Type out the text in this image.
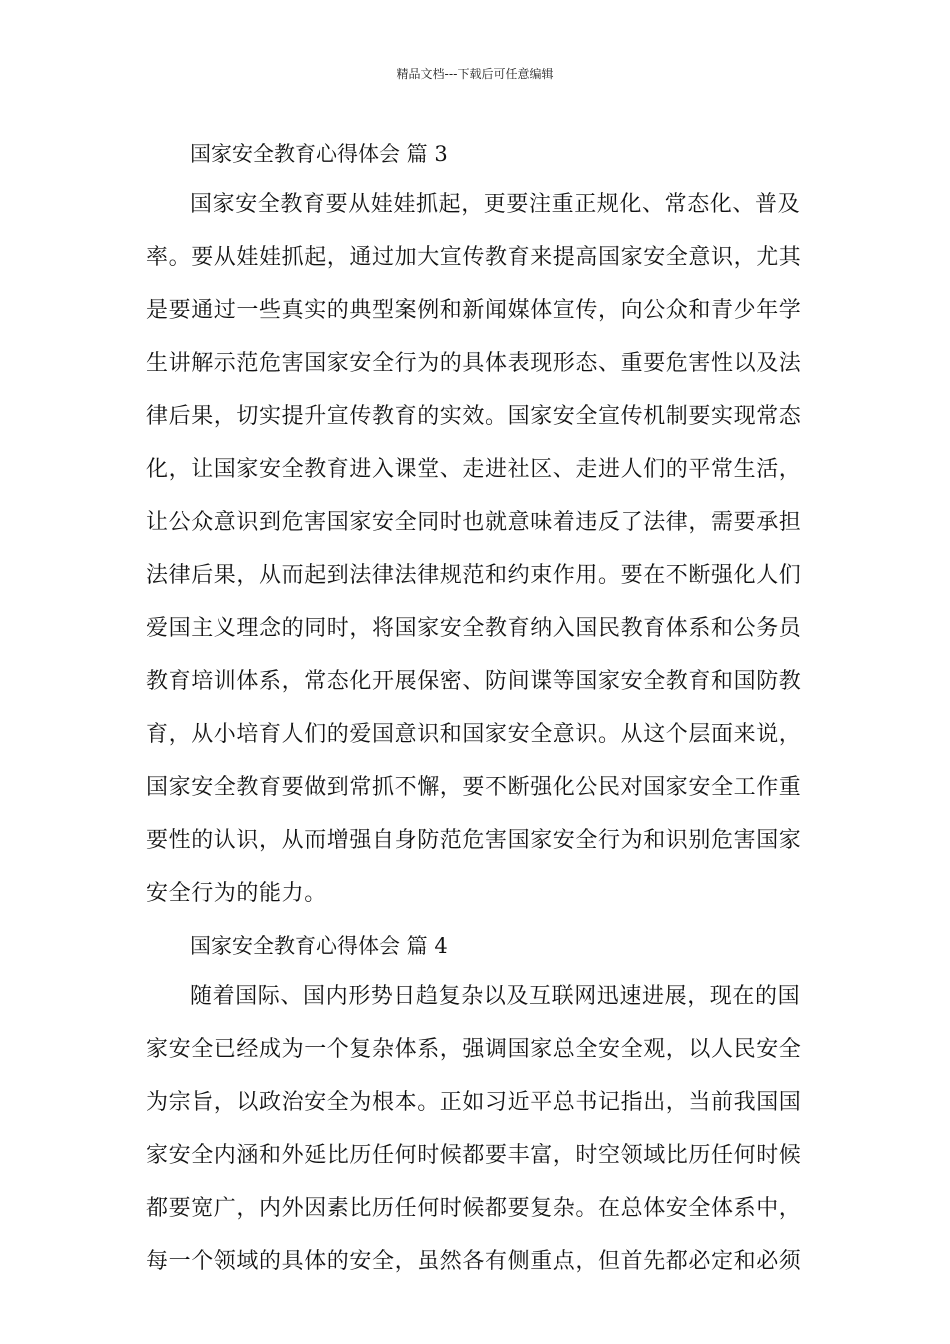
精品文档---下载后可任意编辑
国家安全教育心得体会 篇 3
国家安全教育要从娃娃抓起，更要注重正规化、常态化、普及
率。要从娃娃抓起，通过加大宣传教育来提高国家安全意识，尤其
是要通过一些真实的典型案例和新闻媒体宣传，向公众和青少年学
生讲解示范危害国家安全行为的具体表现形态、重要危害性以及法
律后果，切实提升宣传教育的实效。国家安全宣传机制要实现常态
化，让国家安全教育进入课堂、走进社区、走进人们的平常生活，
让公众意识到危害国家安全同时也就意味着违反了法律，需要承担
法律后果，从而起到法律法律规范和约束作用。要在不断强化人们
爱国主义理念的同时，将国家安全教育纳入国民教育体系和公务员
教育培训体系，常态化开展保密、防间谍等国家安全教育和国防教
育，从小培育人们的爱国意识和国家安全意识。从这个层面来说，
国家安全教育要做到常抓不懈，要不断强化公民对国家安全工作重
要性的认识，从而增强自身防范危害国家安全行为和识别危害国家
安全行为的能力。
国家安全教育心得体会 篇 4
随着国际、国内形势日趋复杂以及互联网迅速进展，现在的国
家安全已经成为一个复杂体系，强调国家总全安全观，以人民安全
为宗旨，以政治安全为根本。正如习近平总书记指出，当前我国国
家安全内涵和外延比历任何时候都要丰富，时空领域比历任何时候
都要宽广，内外因素比历任何时候都要复杂。在总体安全体系中，
每一个领域的具体的安全，虽然各有侧重点，但首先都必定和必须
